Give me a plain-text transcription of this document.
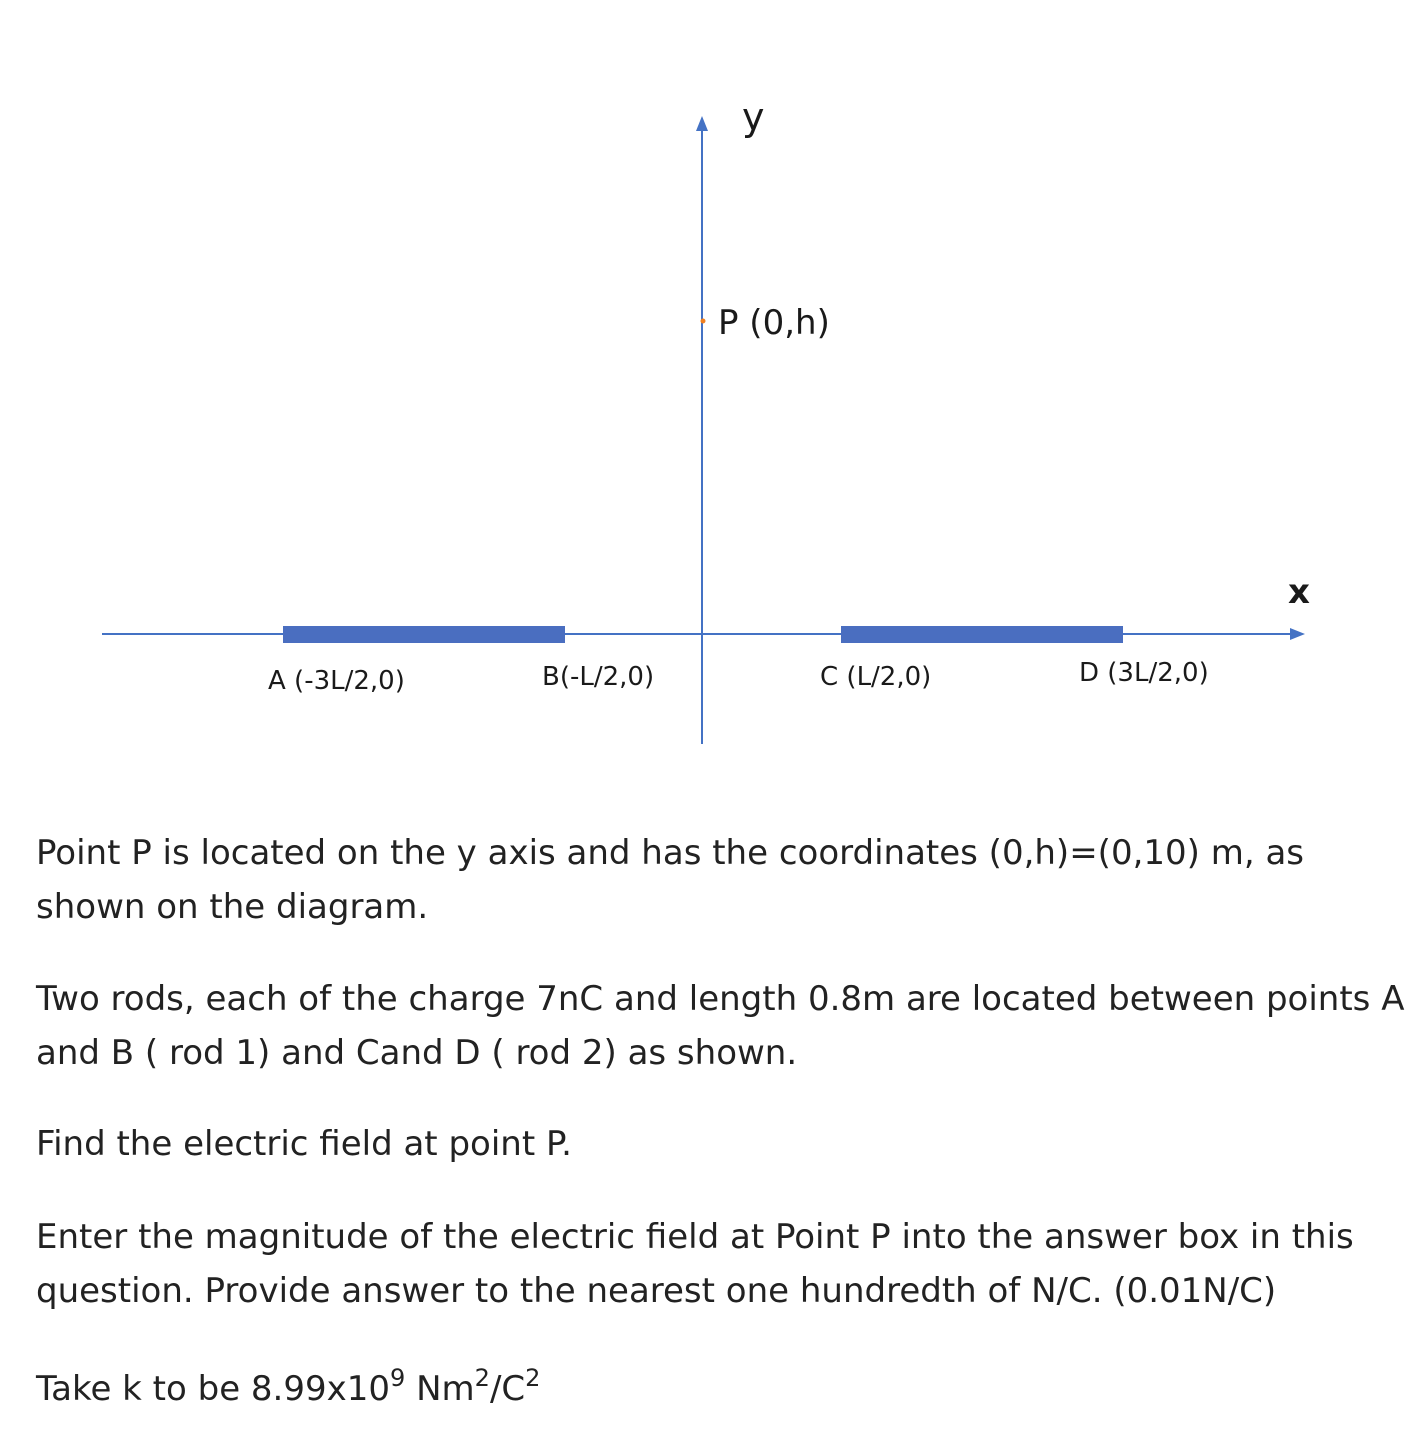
y
x
P (0,h)
A (-3L/2,0)	B(-L/2,0)	C (L/2,0)	D (3L/2,0)

Point P is located on the y axis and has the coordinates (0,h)=(0,10) m, as shown on the diagram.

Two rods, each of the charge 7nC and length 0.8m are located between points A and B ( rod 1) and Cand D ( rod 2) as shown.

Find the electric field at point P.

Enter the magnitude of the electric field at Point P into the answer box in this question. Provide answer to the nearest one hundredth of N/C. (0.01N/C)

Take k to be $8.99x10^9$ $Nm^2/C^2$
